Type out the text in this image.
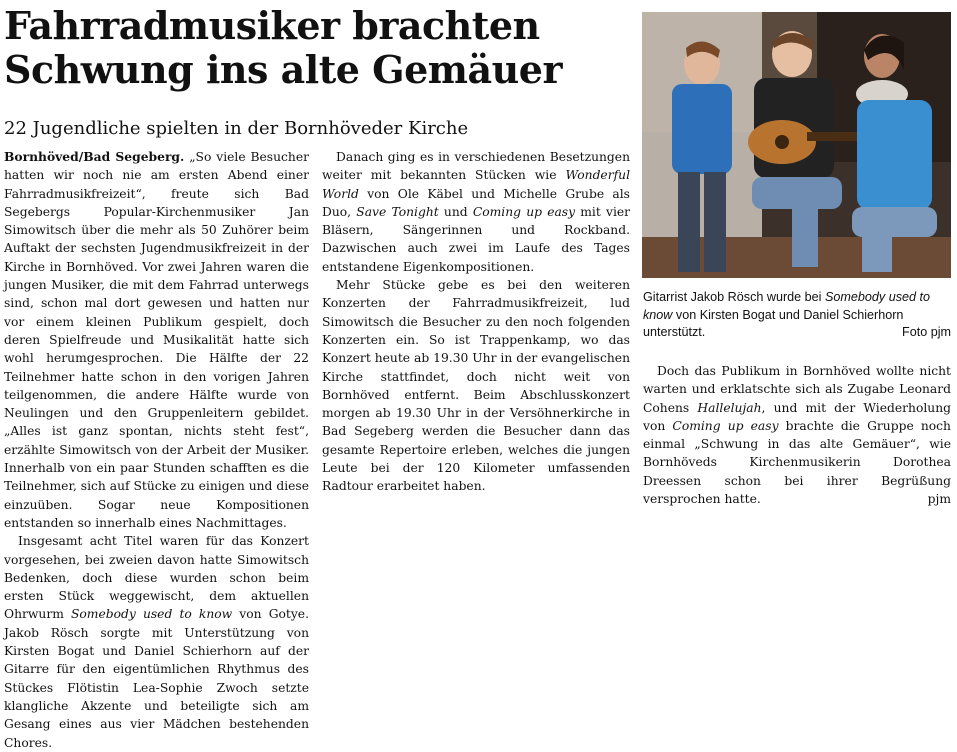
Fahrradmusiker brachten
Schwung ins alte Gemäuer
22 Jugendliche spielten in der Bornhöveder Kirche

Gitarrist Jakob Rösch wurde bei Somebody used to know von Kirsten Bogat und Daniel Schierhorn unterstützt.	Foto pjm

Bornhöved/Bad Segeberg. „So viele Besucher hatten wir noch nie am ersten Abend einer Fahrradmusikfreizeit“, freute sich Bad Segebergs Popular-Kirchenmusiker Jan Simowitsch über die mehr als 50 Zuhörer beim Auftakt der sechsten Jugendmusikfreizeit in der Kirche in Bornhöved. Vor zwei Jahren waren die jungen Musiker, die mit dem Fahrrad unterwegs sind, schon mal dort gewesen und hatten nur vor einem kleinen Publikum gespielt, doch deren Spielfreude und Musikalität hatte sich wohl herumgesprochen. Die Hälfte der 22 Teilnehmer hatte schon in den vorigen Jahren teilgenommen, die andere Hälfte wurde von Neulingen und den Gruppenleitern gebildet. „Alles ist ganz spontan, nichts steht fest“, erzählte Simowitsch von der Arbeit der Musiker. Innerhalb von ein paar Stunden schafften es die Teilnehmer, sich auf Stücke zu einigen und diese einzuüben. Sogar neue Kompositionen entstanden so innerhalb eines Nachmittages.

Insgesamt acht Titel waren für das Konzert vorgesehen, bei zweien davon hatte Simowitsch Bedenken, doch diese wurden schon beim ersten Stück weggewischt, dem aktuellen Ohrwurm Somebody used to know von Gotye. Jakob Rösch sorgte mit Unterstützung von Kirsten Bogat und Daniel Schierhorn auf der Gitarre für den eigentümlichen Rhythmus des Stückes Flötistin Lea-Sophie Zwoch setzte klangliche Akzente und beteiligte sich am Gesang eines aus vier Mädchen bestehenden Chores.

Danach ging es in verschiedenen Besetzungen weiter mit bekannten Stücken wie Wonderful World von Ole Käbel und Michelle Grube als Duo, Save Tonight und Coming up easy mit vier Bläsern, Sängerinnen und Rockband. Dazwischen auch zwei im Laufe des Tages entstandene Eigenkompositionen.

Mehr Stücke gebe es bei den weiteren Konzerten der Fahrradmusikfreizeit, lud Simowitsch die Besucher zu den noch folgenden Konzerten ein. So ist Trappenkamp, wo das Konzert heute ab 19.30 Uhr in der evangelischen Kirche stattfindet, doch nicht weit von Bornhöved entfernt. Beim Abschlusskonzert morgen ab 19.30 Uhr in der Versöhnerkirche in Bad Segeberg werden die Besucher dann das gesamte Repertoire erleben, welches die jungen Leute bei der 120 Kilometer umfassenden Radtour erarbeitet haben.

Doch das Publikum in Bornhöved wollte nicht warten und erklatschte sich als Zugabe Leonard Cohens Hallelujah, und mit der Wiederholung von Coming up easy brachte die Gruppe noch einmal „Schwung in das alte Gemäuer“, wie Bornhöveds Kirchenmusikerin Dorothea Dreessen schon bei ihrer Begrüßung versprochen hatte.	pjm
